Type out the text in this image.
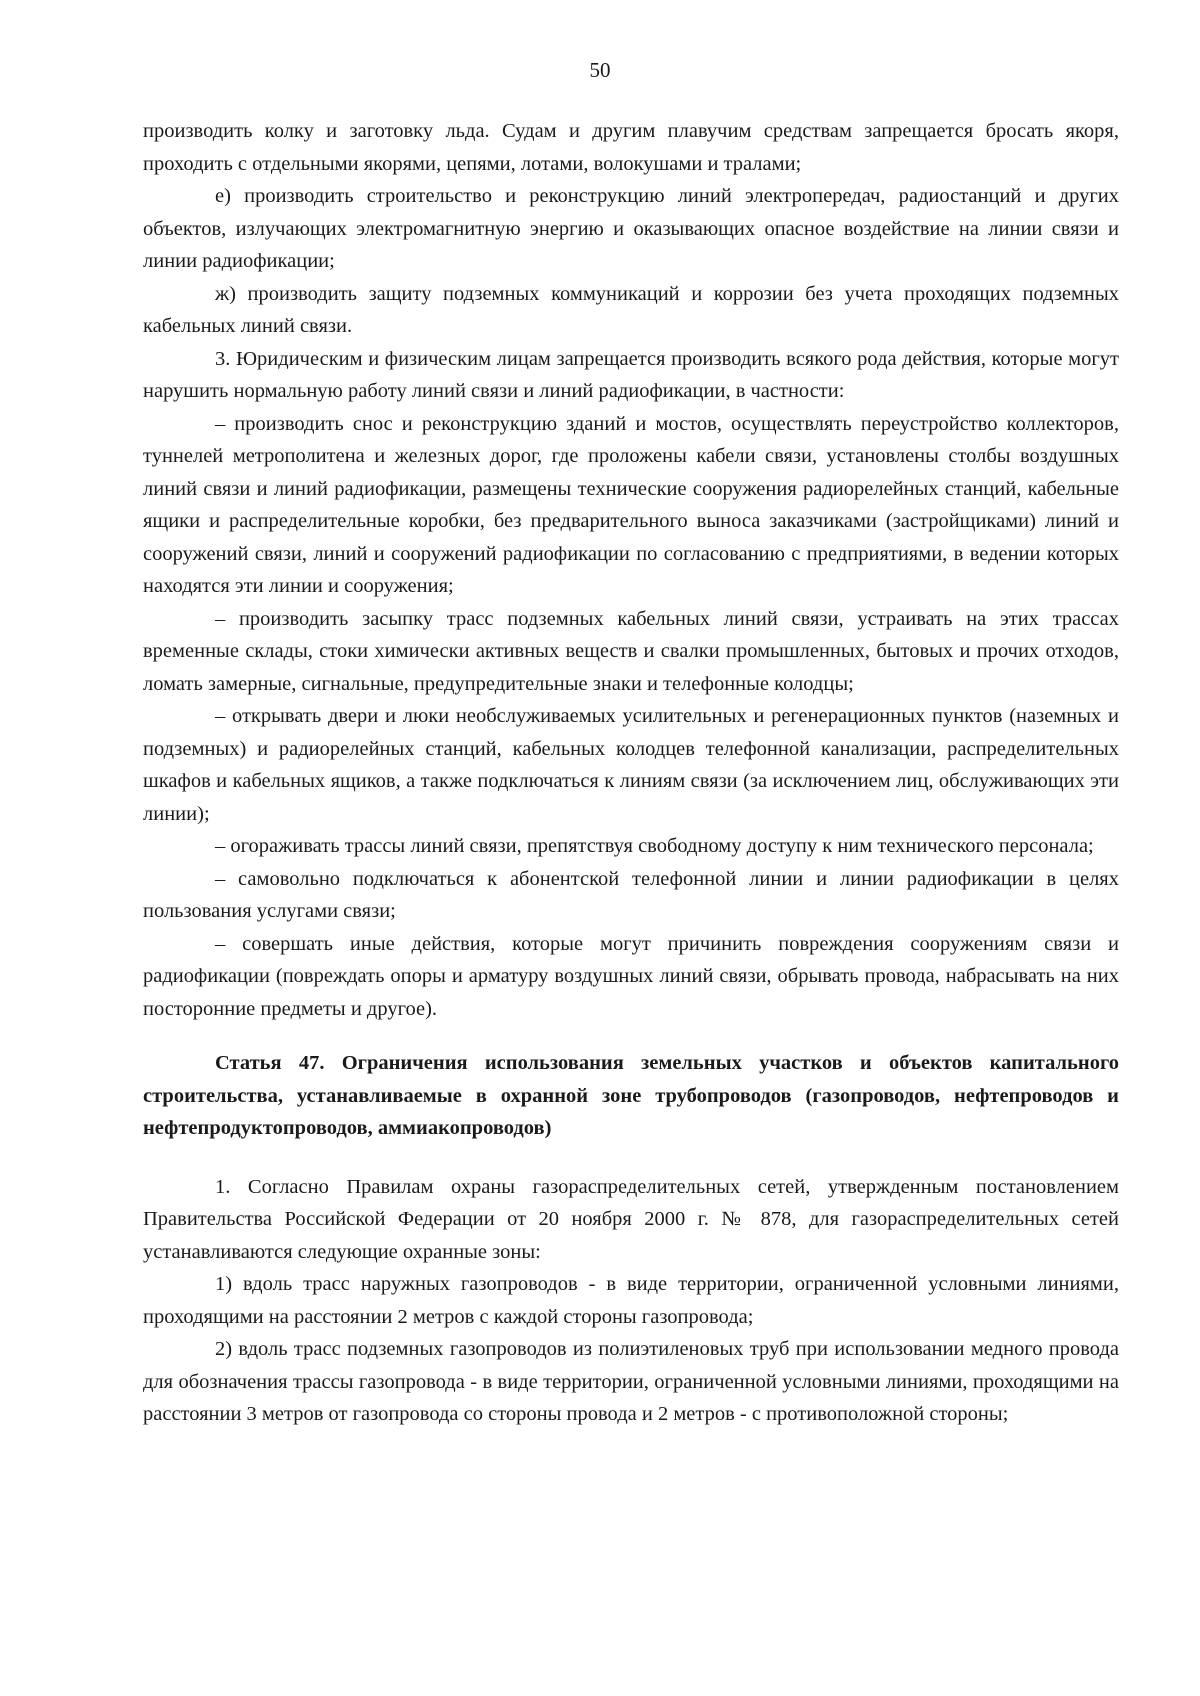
50

производить колку и заготовку льда. Судам и другим плавучим средствам запрещается бросать якоря, проходить с отдельными якорями, цепями, лотами, волокушами и тралами;

е) производить строительство и реконструкцию линий электропередач, радиостанций и других объектов, излучающих электромагнитную энергию и оказывающих опасное воздействие на линии связи и линии радиофикации;

ж) производить защиту подземных коммуникаций и коррозии без учета проходящих подземных кабельных линий связи.

3. Юридическим и физическим лицам запрещается производить всякого рода действия, которые могут нарушить нормальную работу линий связи и линий радиофикации, в частности:

– производить снос и реконструкцию зданий и мостов, осуществлять переустройство коллекторов, туннелей метрополитена и железных дорог, где проложены кабели связи, установлены столбы воздушных линий связи и линий радиофикации, размещены технические сооружения радиорелейных станций, кабельные ящики и распределительные коробки, без предварительного выноса заказчиками (застройщиками) линий и сооружений связи, линий и сооружений радиофикации по согласованию с предприятиями, в ведении которых находятся эти линии и сооружения;

– производить засыпку трасс подземных кабельных линий связи, устраивать на этих трассах временные склады, стоки химически активных веществ и свалки промышленных, бытовых и прочих отходов, ломать замерные, сигнальные, предупредительные знаки и телефонные колодцы;

– открывать двери и люки необслуживаемых усилительных и регенерационных пунктов (наземных и подземных) и радиорелейных станций, кабельных колодцев телефонной канализации, распределительных шкафов и кабельных ящиков, а также подключаться к линиям связи (за исключением лиц, обслуживающих эти линии);

– огораживать трассы линий связи, препятствуя свободному доступу к ним технического персонала;

– самовольно подключаться к абонентской телефонной линии и линии радиофикации в целях пользования услугами связи;

– совершать иные действия, которые могут причинить повреждения сооружениям связи и радиофикации (повреждать опоры и арматуру воздушных линий связи, обрывать провода, набрасывать на них посторонние предметы и другое).

Статья 47. Ограничения использования земельных участков и объектов капитального строительства, устанавливаемые в охранной зоне трубопроводов (газопроводов, нефтепроводов и нефтепродуктопроводов, аммиакопроводов)

1. Согласно Правилам охраны газораспределительных сетей, утвержденным постановлением Правительства Российской Федерации от 20 ноября 2000 г. № 878, для газораспределительных сетей устанавливаются следующие охранные зоны:

1) вдоль трасс наружных газопроводов - в виде территории, ограниченной условными линиями, проходящими на расстоянии 2 метров с каждой стороны газопровода;

2) вдоль трасс подземных газопроводов из полиэтиленовых труб при использовании медного провода для обозначения трассы газопровода - в виде территории, ограниченной условными линиями, проходящими на расстоянии 3 метров от газопровода со стороны провода и 2 метров - с противоположной стороны;
